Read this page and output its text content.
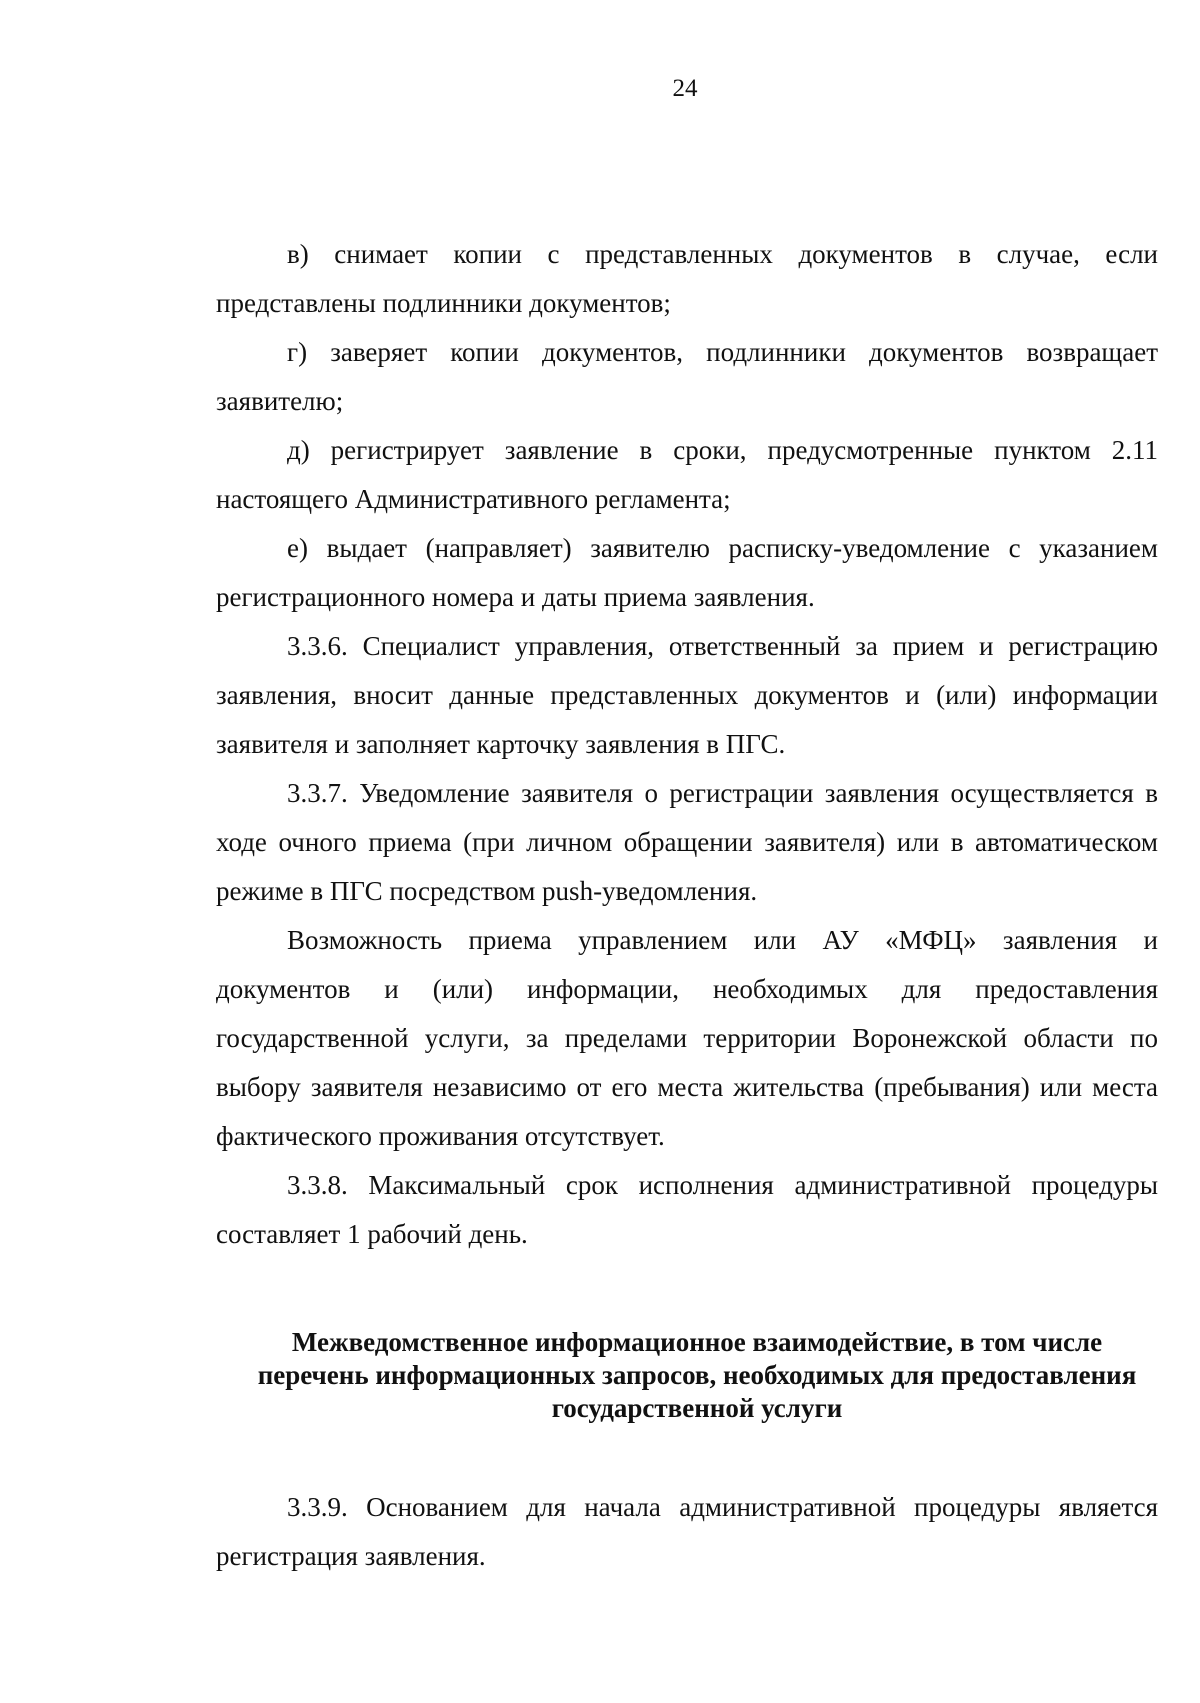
24

в) снимает копии с представленных документов в случае, если представлены подлинники документов;

г) заверяет копии документов, подлинники документов возвращает заявителю;

д) регистрирует заявление в сроки, предусмотренные пунктом 2.11 настоящего Административного регламента;

е) выдает (направляет) заявителю расписку-уведомление с указанием регистрационного номера и даты приема заявления.

3.3.6. Специалист управления, ответственный за прием и регистрацию заявления, вносит данные представленных документов и (или) информации заявителя и заполняет карточку заявления в ПГС.

3.3.7. Уведомление заявителя о регистрации заявления осуществляется в ходе очного приема (при личном обращении заявителя) или в автоматическом режиме в ПГС посредством push-уведомления.

Возможность приема управлением или АУ «МФЦ» заявления и документов и (или) информации, необходимых для предоставления государственной услуги, за пределами территории Воронежской области по выбору заявителя независимо от его места жительства (пребывания) или места фактического проживания отсутствует.

3.3.8. Максимальный срок исполнения административной процедуры составляет 1 рабочий день.

Межведомственное информационное взаимодействие, в том числе
перечень информационных запросов, необходимых для предоставления
государственной услуги

3.3.9. Основанием для начала административной процедуры является регистрация заявления.
